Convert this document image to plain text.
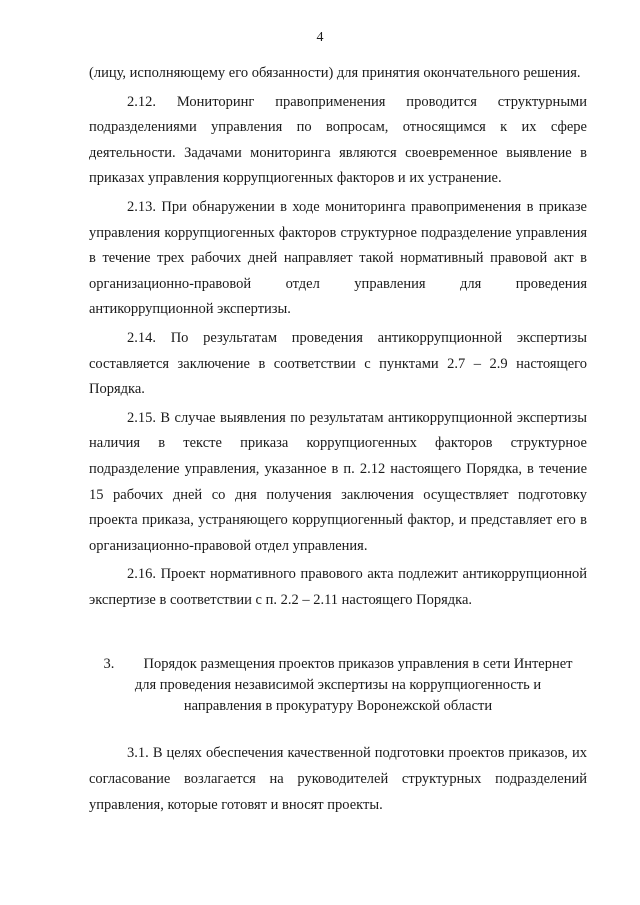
4

(лицу, исполняющему его обязанности) для принятия окончательного решения.

2.12. Мониторинг правоприменения проводится структурными подразделениями управления по вопросам, относящимся к их сфере деятельности. Задачами мониторинга являются своевременное выявление в приказах управления коррупциогенных факторов и их устранение.

2.13. При обнаружении в ходе мониторинга правоприменения в приказе управления коррупциогенных факторов структурное подразделение управления в течение трех рабочих дней направляет такой нормативный правовой акт в организационно-правовой отдел управления для проведения антикоррупционной экспертизы.

2.14. По результатам проведения антикоррупционной экспертизы составляется заключение в соответствии с пунктами 2.7 – 2.9 настоящего Порядка.

2.15. В случае выявления по результатам антикоррупционной экспертизы наличия в тексте приказа коррупциогенных факторов структурное подразделение управления, указанное в п. 2.12 настоящего Порядка, в течение 15 рабочих дней со дня получения заключения осуществляет подготовку проекта приказа, устраняющего коррупциогенный фактор, и представляет его в организационно-правовой отдел управления.

2.16. Проект нормативного правового акта подлежит антикоррупционной экспертизе в соответствии с п. 2.2 – 2.11 настоящего Порядка.

3. Порядок размещения проектов приказов управления в сети Интернет
для проведения независимой экспертизы на коррупциогенность и
направления в прокуратуру Воронежской области

3.1. В целях обеспечения качественной подготовки проектов приказов, их согласование возлагается на руководителей структурных подразделений управления, которые готовят и вносят проекты.
